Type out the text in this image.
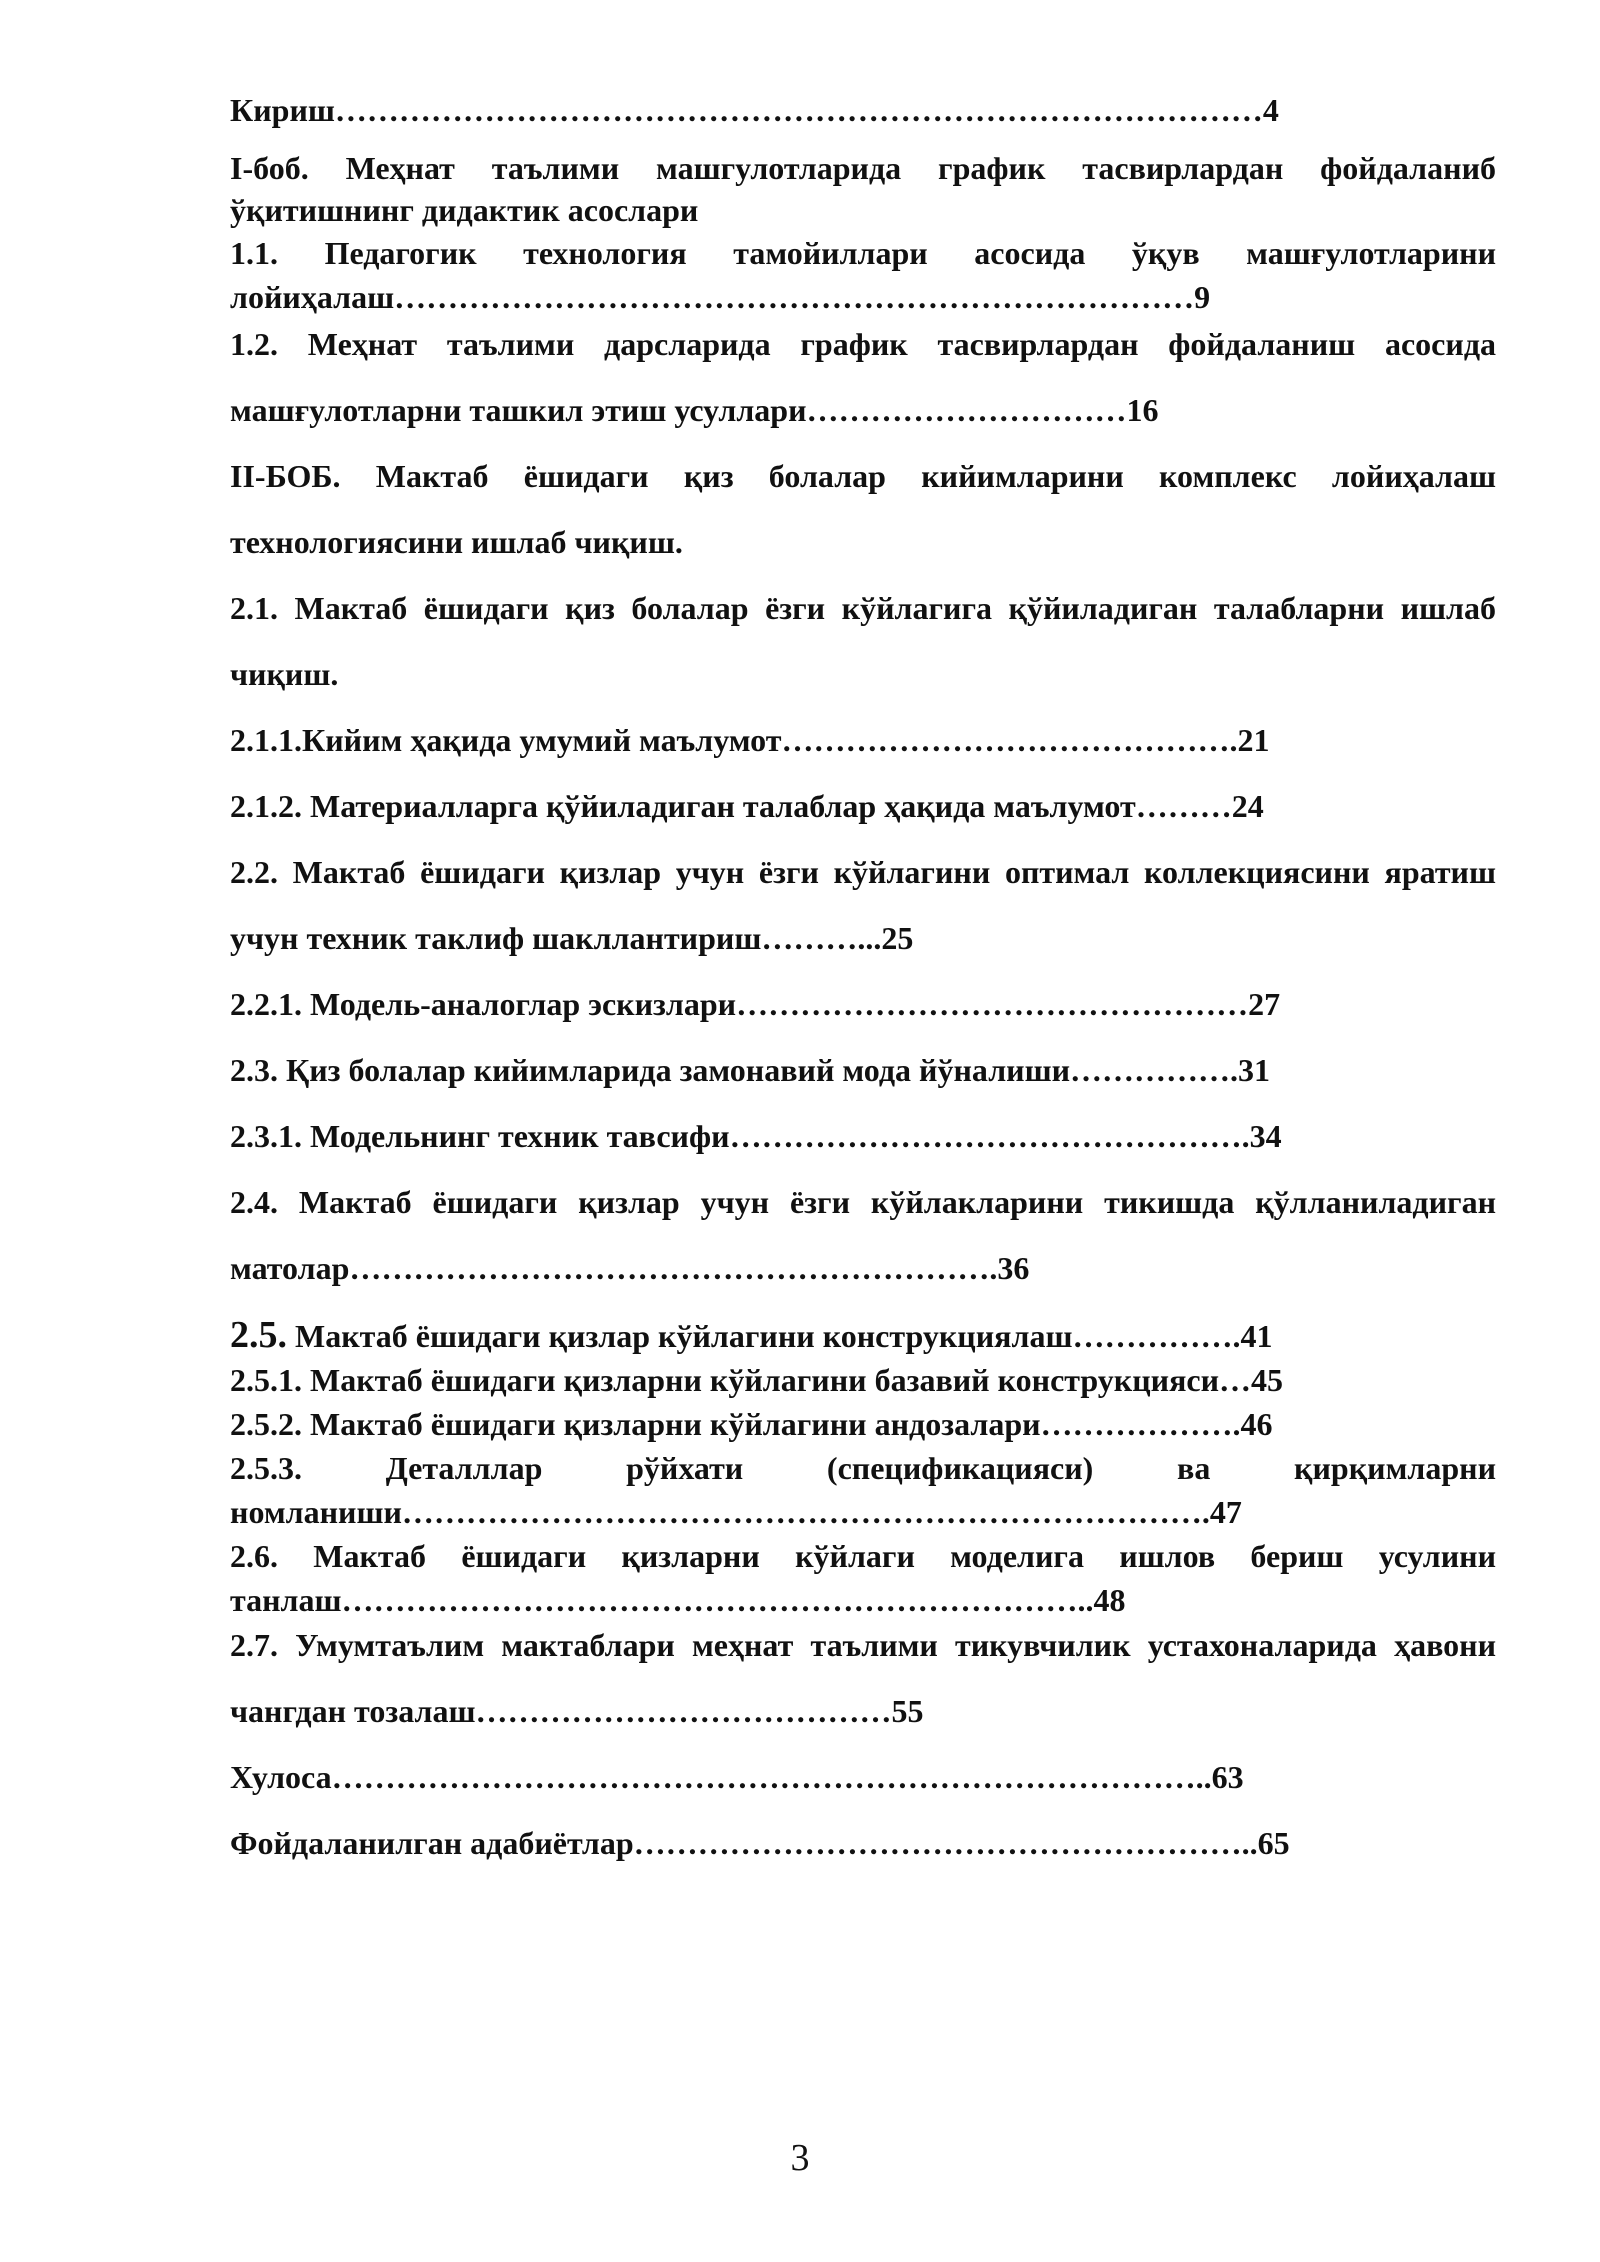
Кириш……………………………………………………………………………4

I-боб. Меҳнат таълими машгулотларида график тасвирлардан фойдаланиб ўқитишнинг дидактик асослари

1.1. Педагогик технология тамойиллари асосида ўқув машғулотларини лойиҳалаш…………………………………………………………………9

1.2. Меҳнат таълими дарсларида график тасвирлардан фойдаланиш асосида машғулотларни ташкил этиш усуллари…………………………16

II-БОБ. Мактаб ёшидаги қиз болалар кийимларини комплекс лойиҳалаш технологиясини ишлаб чиқиш.

2.1. Мактаб ёшидаги қиз болалар ёзги кўйлагига қўйиладиган талабларни ишлаб чиқиш.

2.1.1.Кийим ҳақида умумий маълумот…………………………………….21

2.1.2. Материалларга қўйиладиган талаблар ҳақида маълумот………24

2.2. Мактаб ёшидаги қизлар учун ёзги кўйлагини оптимал коллекциясини яратиш учун техник таклиф шакллантириш………...25

2.2.1. Модель-аналоглар эскизлари…………………………………………27

2.3. Қиз болалар кийимларида замонавий мода йўналиши…………….31

2.3.1. Модельнинг техник тавсифи………………………………………….34

2.4. Мактаб ёшидаги қизлар учун ёзги кўйлакларини тикишда қўлланиладиган матолар…………………………………………………….36

2.5. Мактаб ёшидаги қизлар кўйлагини конструкциялаш…………….41

2.5.1. Мактаб ёшидаги қизларни кўйлагини базавий конструкцияси…45

2.5.2. Мактаб ёшидаги қизларни кўйлагини андозалари……………….46

2.5.3. Деталллар рўйхати (спецификацияси) ва қирқимларни номланиши………………………………………………………………….47

2.6. Мактаб ёшидаги қизларни кўйлаги моделига ишлов бериш усулини танлаш……………………………………………………………..48

2.7. Умумтаълим мактаблари меҳнат таълими тикувчилик устахоналарида ҳавони чангдан тозалаш…………………………………55

Хулоса………………………………………………………………………..63

Фойдаланилган адабиётлар…………………………………………………..65

3
